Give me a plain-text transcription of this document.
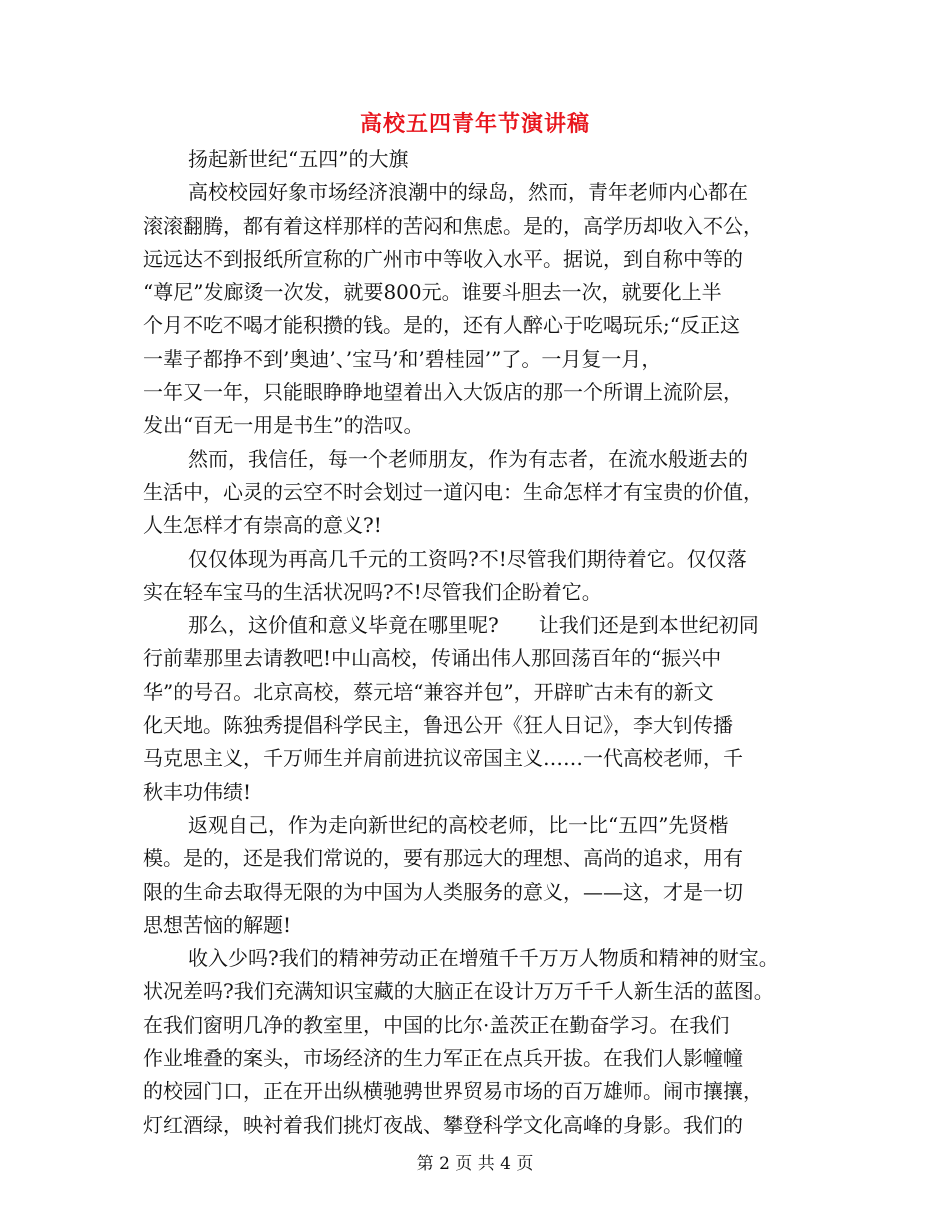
高校五四青年节演讲稿
扬起新世纪“五四”的大旗
高校校园好象市场经济浪潮中的绿岛，然而，青年老师内心都在
滚滚翻腾，都有着这样那样的苦闷和焦虑。是的，高学历却收入不公，
远远达不到报纸所宣称的广州市中等收入水平。据说，到自称中等的
“尊尼”发廊烫一次发，就要800元。谁要斗胆去一次，就要化上半
个月不吃不喝才能积攒的钱。是的，还有人醉心于吃喝玩乐;“反正这
一辈子都挣不到’奥迪’、’宝马’和’碧桂园’”了。一月复一月，
一年又一年，只能眼睁睁地望着出入大饭店的那一个所谓上流阶层，
发出“百无一用是书生”的浩叹。
然而，我信任，每一个老师朋友，作为有志者，在流水般逝去的
生活中，心灵的云空不时会划过一道闪电：生命怎样才有宝贵的价值，
人生怎样才有崇高的意义?!
仅仅体现为再高几千元的工资吗?不!尽管我们期待着它。仅仅落
实在轻车宝马的生活状况吗?不!尽管我们企盼着它。
那么，这价值和意义毕竟在哪里呢?　　让我们还是到本世纪初同
行前辈那里去请教吧!中山高校，传诵出伟人那回荡百年的“振兴中
华”的号召。北京高校，蔡元培“兼容并包”，开辟旷古未有的新文
化天地。陈独秀提倡科学民主，鲁迅公开《狂人日记》，李大钊传播
马克思主义，千万师生并肩前进抗议帝国主义……一代高校老师，千
秋丰功伟绩!
返观自己，作为走向新世纪的高校老师，比一比“五四”先贤楷
模。是的，还是我们常说的，要有那远大的理想、高尚的追求，用有
限的生命去取得无限的为中国为人类服务的意义，——这，才是一切
思想苦恼的解题!
收入少吗?我们的精神劳动正在增殖千千万万人物质和精神的财宝。
状况差吗?我们充满知识宝藏的大脑正在设计万万千千人新生活的蓝图。
在我们窗明几净的教室里，中国的比尔·盖茨正在勤奋学习。在我们
作业堆叠的案头，市场经济的生力军正在点兵开拔。在我们人影幢幢
的校园门口，正在开出纵横驰骋世界贸易市场的百万雄师。闹市攘攘，
灯红酒绿，映衬着我们挑灯夜战、攀登科学文化高峰的身影。我们的
第 2 页 共 4 页
